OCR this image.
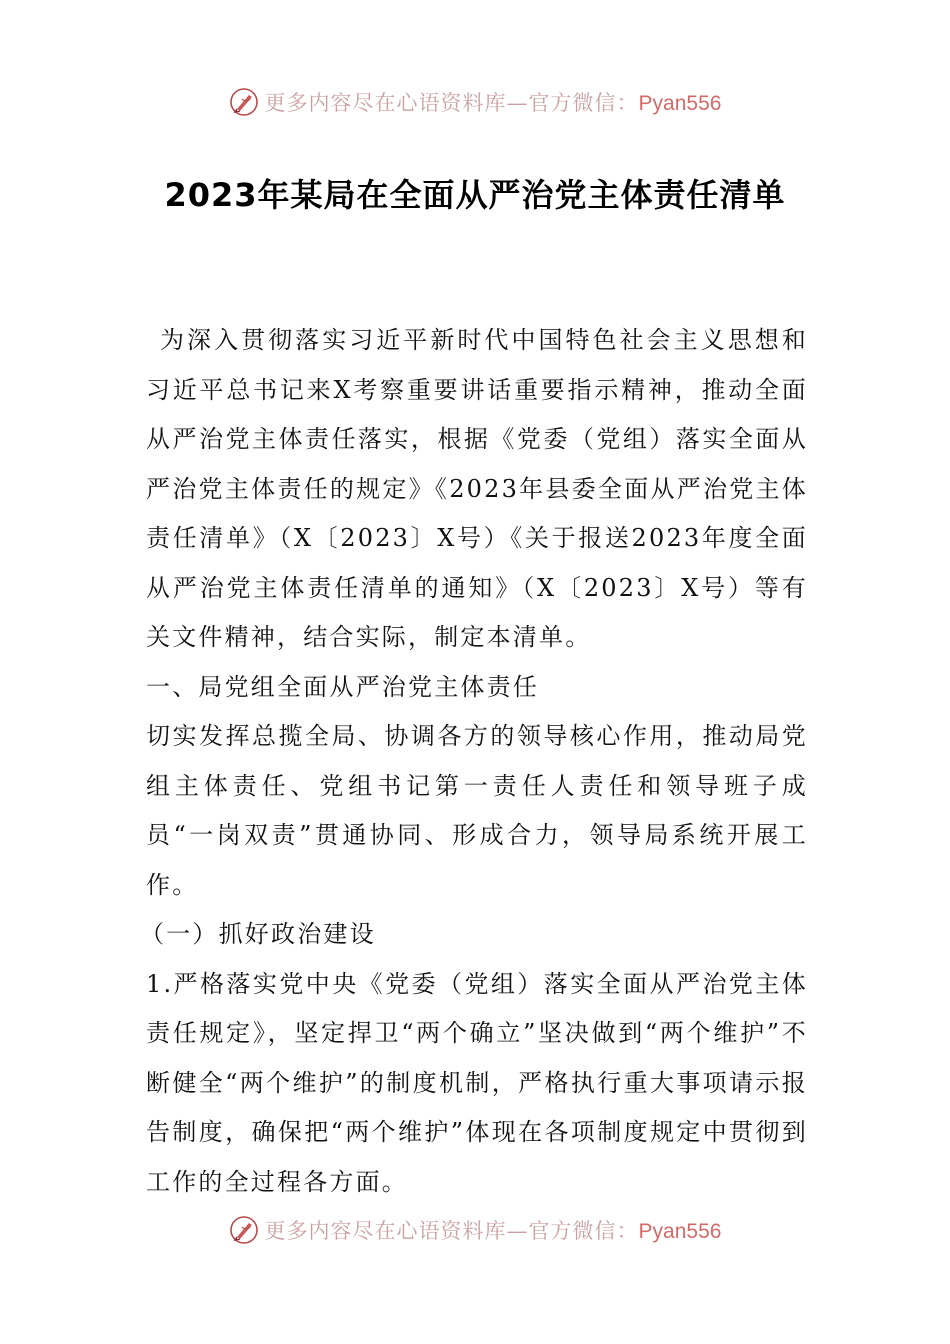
更多内容尽在心语资料库—官方微信：Pyan556
2023年某局在全面从严治党主体责任清单

为深入贯彻落实习近平新时代中国特色社会主义思想和习近平总书记来X考察重要讲话重要指示精神，推动全面从严治党主体责任落实，根据《党委（党组）落实全面从严治党主体责任的规定》《2023年县委全面从严治党主体责任清单》（X〔2023〕X号）《关于报送2023年度全面从严治党主体责任清单的通知》（X〔2023〕X号）等有关文件精神，结合实际，制定本清单。

一、局党组全面从严治党主体责任

切实发挥总揽全局、协调各方的领导核心作用，推动局党组主体责任、党组书记第一责任人责任和领导班子成员“一岗双责”贯通协同、形成合力，领导局系统开展工作。

（一）抓好政治建设

1.严格落实党中央《党委（党组）落实全面从严治党主体责任规定》，坚定捍卫“两个确立”坚决做到“两个维护”不断健全“两个维护”的制度机制，严格执行重大事项请示报告制度，确保把“两个维护”体现在各项制度规定中贯彻到工作的全过程各方面。

更多内容尽在心语资料库—官方微信：Pyan556
